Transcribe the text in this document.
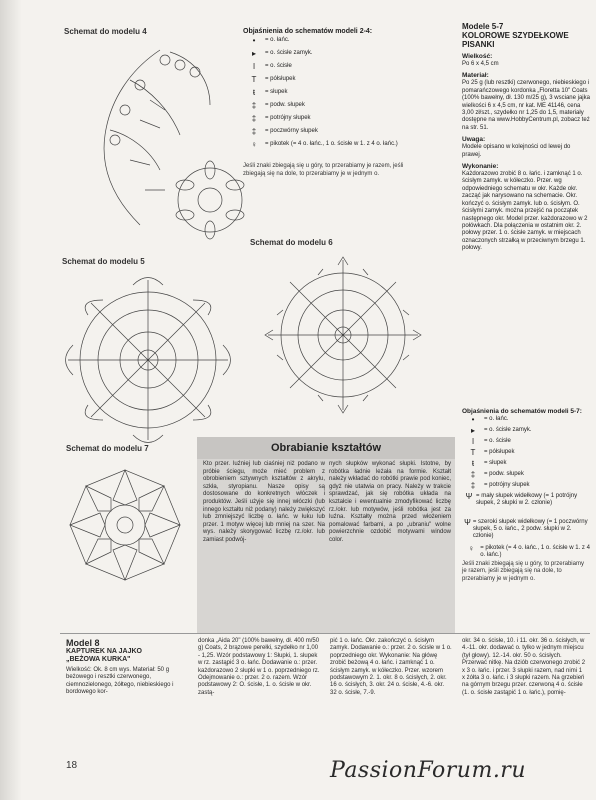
Schemat do modelu 4
Schemat do modelu 5
Schemat do modelu 6
Schemat do modelu 7
Objaśnienia do schematów modeli 2-4:
•	= o. łańc.
▸	= o. ścisłe zamyk.
ǀ	= o. ścisłe
T	= półsłupek
ŧ	= słupek
‡	= podw. słupek
‡	= potrójny słupek
‡	= poczwórny słupek
♀	= pikotek (= 4 o. łańc., 1 o. ścisłe w 1. z 4 o. łańc.)
Jeśli znaki zbiegają się u góry, to przerabiamy je razem, jeśli zbiegają się na dole, to przerabiamy je w jednym o.
Modele 5-7
KOLOROWE SZYDEŁKOWE PISANKI
Wielkość:

Po 6 x 4,5 cm

Materiał:

Po 25 g (lub resztki) czerwonego, niebieskiego i pomarańczowego kordonka „Floretta 10" Coats (100% bawełny, dł. 130 m/25 g), 3 wsciane jajka wielkości 6 x 4,5 cm, nr kat. ME 41146, cena 3,00 zł/szt., szydełko nr 1,25 do 1,5, materiały dostępne na www.HobbyCentrum.pl, zobacz też na str. 51.

Uwaga:

Modele opisano w kolejności od lewej do prawej.

Wykonanie:

Każdorazowo zrobić 8 o. łańc. i zamknąć 1 o. ścisłym zamyk. w kółeczko. Przer. wg odpowiedniego schematu w okr. Każde okr. zacząć jak narysowano na schemacie. Okr. kończyć o. ścisłym zamyk. lub o. ścisłym. O. ścisłymi zamyk. można przejść na początek następnego okr. Model przer. każdorazowo w 2 połówkach. Dla połączenia w ostatnim okr. 2. połowy przer. 1 o. ścisłe zamyk. w miejscach oznaczonych strzałką w przeciwnym brzegu 1. połowy.

Objaśnienia do schematów modeli 5-7:
•	= o. łańc.
▸	= o. ścisłe zamyk.
ǀ	= o. ścisłe
T	= półsłupek
ŧ	= słupek
‡	= podw. słupek
‡	= potrójny słupek
Ψ = mały słupek widełkowy (= 1 potrójny słupek, 2 słupki w 2. członie)
Ψ = szeroki słupek widełkowy (= 1 poczwórny słupek, 5 o. łańc., 2 podw. słupki w 2. członie)
♀	= pikotek (= 4 o. łańc., 1 o. ścisłe w 1. z 4 o. łańc.)
Jeśli znaki zbiegają się u góry, to przerabiamy je razem, jeśli zbiegają się na dole, to przerabiamy je w jednym o.
Obrabianie kształtów
Kto przer. luźniej lub ciaśniej niż podano w próbie ściegu, może mieć problem z obrobieniem sztywnych kształtów z akrylu, szkła, styropianu. Nasze opisy są dostosowane do konkretnych włóczek i produktów. Jeśli użyje się innej włóczki (lub innego kształtu niż podany) należy zwiększyć lub zmniejszyć liczbę o. łańc. w łuku lub przer. 1 motyw więcej lub mniej na szer. Na wys. należy skorygować liczbę rz./okr. lub zamiast podwój-
nych słupków wykonać słupki. Istotne, by robótka ładnie leżała na formie. Kształt należy wkładać do robótki prawie pod koniec, gdyż nie utatwia on pracy. Należy w trakcie sprawdzać, jak się robótka układa na kształcie i ewentualnie zmodyfikować liczbę rz./okr. lub motywów, jeśli robótka jest za luźna. Kształty można przed włożeniem pomalować farbami, a po „ubraniu" wolne powierzchnie ozdobić motywami window color.
Model 8
KAPTUREK NA JAJKO
„BEŻOWA KURKA"
Wielkość: Ok. 8 cm wys. Materiał: 50 g beżowego i resztki czerwonego, ciemnozielonego, żółtego, niebieskiego i bordowego kor-
donka „Aida 20" (100% bawełny, dł. 400 m/50 g) Coats, 2 brązowe perełki, szydełko nr 1,00 - 1,25. Wzór podstawowy 1: Słupki, 1. słupek w rz. zastąpić 3 o. łańc. Dodawanie o.: przer. każdorazowo 2 słupki w 1 o. poprzedniego rz. Odejmowanie o.: przer. 2 o. razem. Wzór podstawowy 2: O. ścisłe, 1. o. ścisłe w okr. zastą-
pić 1 o. łańc. Okr. zakończyć o. ścisłym zamyk. Dodawanie o.: przer. 2 o. ścisłe w 1 o. poprzedniego okr. Wykonanie: Na główę zrobić beżową 4 o. łańc. i zamknąć 1 o. ścisłym zamyk. w kółeczko. Przer. wzorem podstawowym 2. 1. okr. 8 o. ścisłych, 2. okr. 16 o. ścisłych, 3. okr. 24 o. ścisłe, 4.-6. okr. 32 o. ścisłe, 7.-9.
okr. 34 o. ścisłe, 10. i 11. okr. 36 o. ścisłych, w 4.-11. okr. dodawać o. tylko w jednym miejscu (tył głowy). 12.-14. okr. 50 o. ścisłych. Przerwać nitkę. Na dziób czerwonego zrobić 2 x 3 o. łańc. i przer. 3 słupki razem, nad nimi 1 x żółta 3 o. łańc. i 3 słupki razem. Na grzebień na górnym brzegu przer. czerwoną 4 o. ścisłe (1. o. ścisłe zastąpić 1 o. łańc.), pomię-
18	PassionForum.ru
